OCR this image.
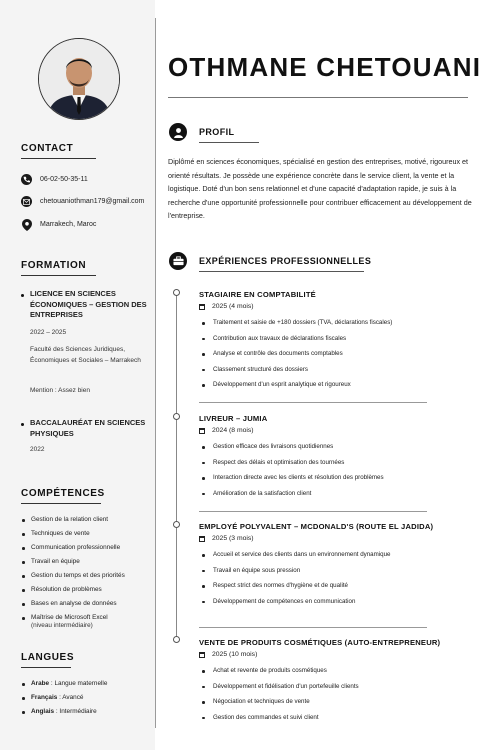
CONTACT
06-02-50-35-11
chetouaniothman179@gmail.com
Marrakech, Maroc
FORMATION
LICENCE EN SCIENCES ÉCONOMIQUES – GESTION DES ENTREPRISES
2022 – 2025
Faculté des Sciences Juridiques, Économiques et Sociales – Marrakech
Mention : Assez bien
BACCALAURÉAT EN SCIENCES PHYSIQUES
2022
COMPÉTENCES
Gestion de la relation client
Techniques de vente
Communication professionnelle
Travail en équipe
Gestion du temps et des priorités
Résolution de problèmes
Bases en analyse de données
Maîtrise de Microsoft Excel
(niveau intermédiaire)
LANGUES
Arabe : Langue maternelle
Français : Avancé
Anglais : Intermédiaire
OTHMANE CHETOUANI
PROFIL
Diplômé en sciences économiques, spécialisé en gestion des entreprises, motivé, rigoureux et orienté résultats. Je possède une expérience concrète dans le service client, la vente et la logistique. Doté d'un bon sens relationnel et d'une capacité d'adaptation rapide, je suis à la recherche d'une opportunité professionnelle pour contribuer efficacement au développement de l'entreprise.
EXPÉRIENCES PROFESSIONNELLES
STAGIAIRE EN COMPTABILITÉ
2025 (4 mois)
Traitement et saisie de +180 dossiers (TVA, déclarations fiscales)
Contribution aux travaux de déclarations fiscales
Analyse et contrôle des documents comptables
Classement structuré des dossiers
Développement d'un esprit analytique et rigoureux
LIVREUR – JUMIA
2024 (8 mois)
Gestion efficace des livraisons quotidiennes
Respect des délais et optimisation des tournées
Interaction directe avec les clients et résolution des problèmes
Amélioration de la satisfaction client
EMPLOYÉ POLYVALENT – MCDONALD'S (ROUTE EL JADIDA)
2025 (3 mois)
Accueil et service des clients dans un environnement dynamique
Travail en équipe sous pression
Respect strict des normes d'hygiène et de qualité
Développement de compétences en communication
VENTE DE PRODUITS COSMÉTIQUES (AUTO-ENTREPRENEUR)
2025 (10 mois)
Achat et revente de produits cosmétiques
Développement et fidélisation d'un portefeuille clients
Négociation et techniques de vente
Gestion des commandes et suivi client
